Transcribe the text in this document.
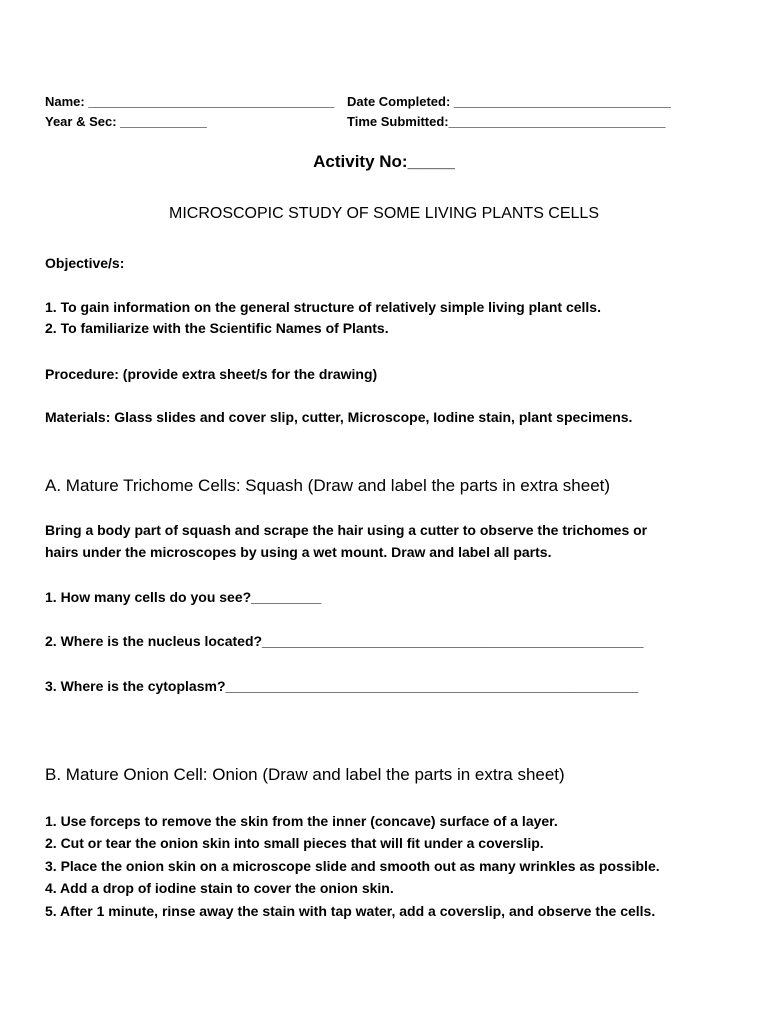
Name: __________________________________ Date Completed: ______________________________
Year & Sec: ____________	Time Submitted:______________________________
Activity No:_____
MICROSCOPIC STUDY OF SOME LIVING PLANTS CELLS
Objective/s:
1. To gain information on the general structure of relatively simple living plant cells.
2. To familiarize with the Scientific Names of Plants.
Procedure: (provide extra sheet/s for the drawing)
Materials: Glass slides and cover slip, cutter, Microscope, Iodine stain, plant specimens.
A. Mature Trichome Cells: Squash (Draw and label the parts in extra sheet)
Bring a body part of squash and scrape the hair using a cutter to observe the trichomes or
hairs under the microscopes by using a wet mount. Draw and label all parts.
1. How many cells do you see?_________
2. Where is the nucleus located?_________________________________________________
3. Where is the cytoplasm?_____________________________________________________
B. Mature Onion Cell: Onion (Draw and label the parts in extra sheet)
1. Use forceps to remove the skin from the inner (concave) surface of a layer.
2. Cut or tear the onion skin into small pieces that will fit under a coverslip.
3. Place the onion skin on a microscope slide and smooth out as many wrinkles as possible.
4. Add a drop of iodine stain to cover the onion skin.
5. After 1 minute, rinse away the stain with tap water, add a coverslip, and observe the cells.
